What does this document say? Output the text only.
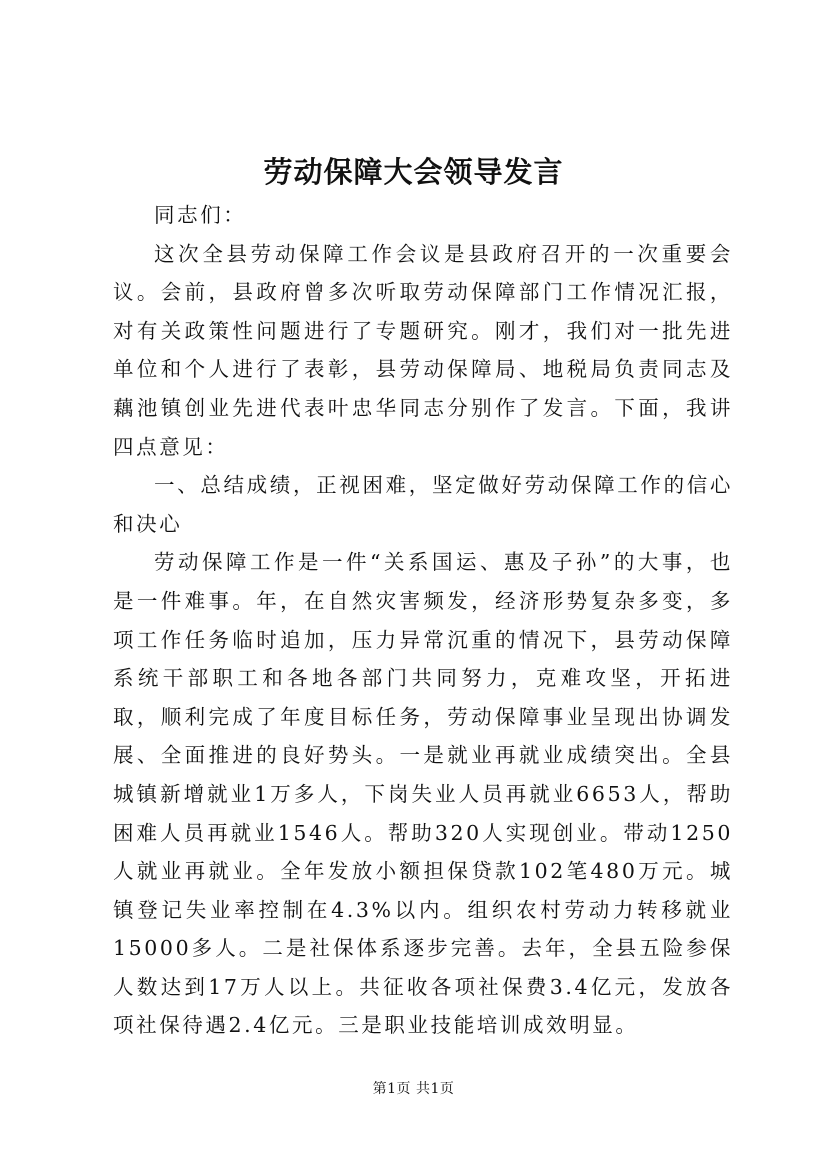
劳动保障大会领导发言

同志们：

这次全县劳动保障工作会议是县政府召开的一次重要会议。会前，县政府曾多次听取劳动保障部门工作情况汇报，对有关政策性问题进行了专题研究。刚才，我们对一批先进单位和个人进行了表彰，县劳动保障局、地税局负责同志及藕池镇创业先进代表叶忠华同志分别作了发言。下面，我讲四点意见：

一、总结成绩，正视困难，坚定做好劳动保障工作的信心和决心

劳动保障工作是一件“关系国运、惠及子孙”的大事，也是一件难事。年，在自然灾害频发，经济形势复杂多变，多项工作任务临时追加，压力异常沉重的情况下，县劳动保障系统干部职工和各地各部门共同努力，克难攻坚，开拓进取，顺利完成了年度目标任务，劳动保障事业呈现出协调发展、全面推进的良好势头。一是就业再就业成绩突出。全县城镇新增就业1万多人，下岗失业人员再就业6653人，帮助困难人员再就业1546人。帮助320人实现创业。带动1250人就业再就业。全年发放小额担保贷款102笔480万元。城镇登记失业率控制在4.3%以内。组织农村劳动力转移就业15000多人。二是社保体系逐步完善。去年，全县五险参保人数达到17万人以上。共征收各项社保费3.4亿元，发放各项社保待遇2.4亿元。三是职业技能培训成效明显。

第1页 共1页
